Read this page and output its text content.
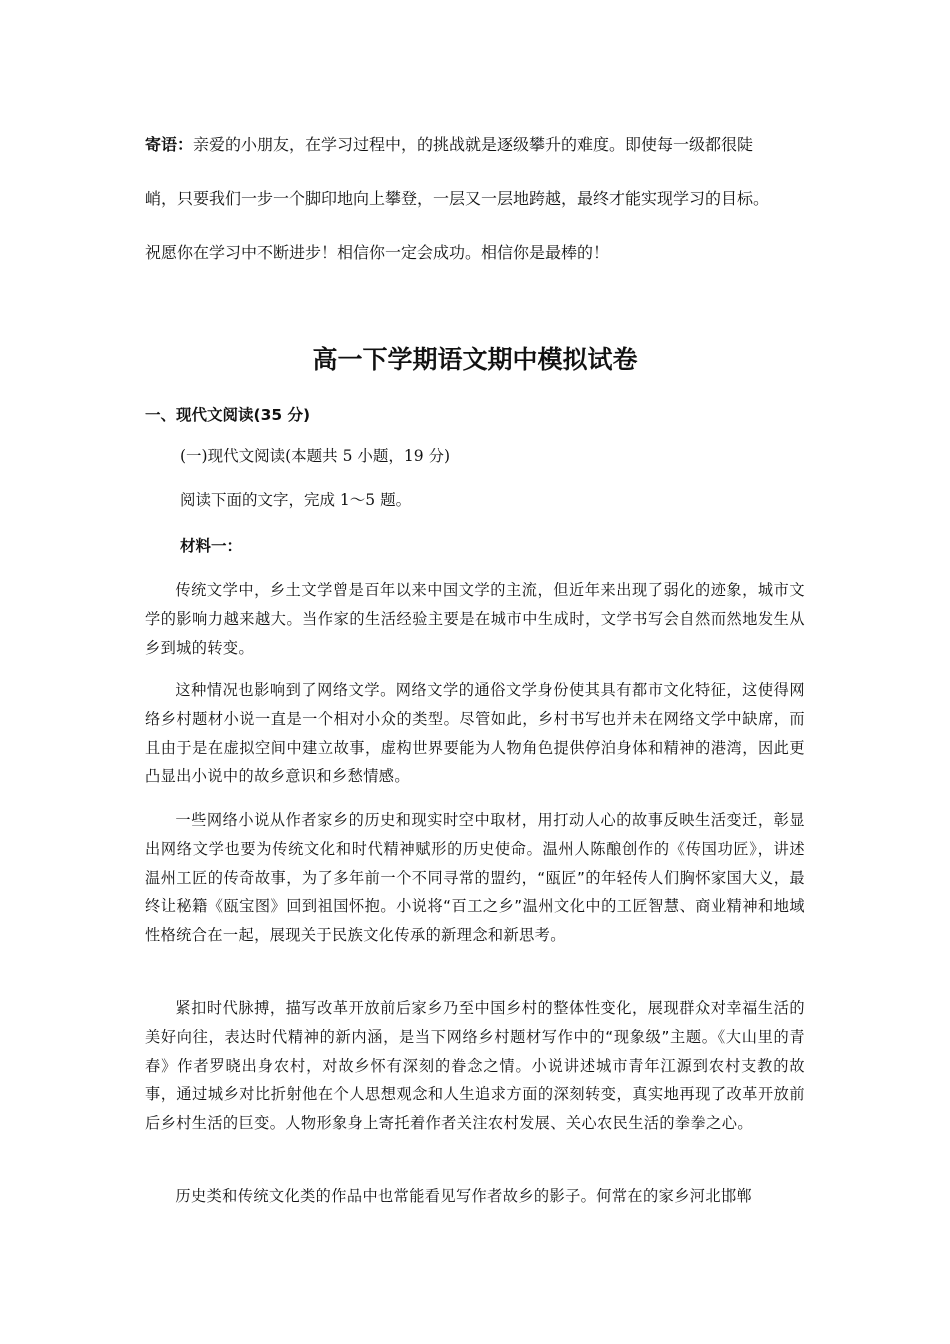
寄语：亲爱的小朋友，在学习过程中，的挑战就是逐级攀升的难度。即使每一级都很陡
峭，只要我们一步一个脚印地向上攀登，一层又一层地跨越，最终才能实现学习的目标。
祝愿你在学习中不断进步！相信你一定会成功。相信你是最棒的！
高一下学期语文期中模拟试卷
一、现代文阅读(35 分)
(一)现代文阅读(本题共 5 小题，19 分)
阅读下面的文字，完成 1～5 题。
材料一：

传统文学中，乡土文学曾是百年以来中国文学的主流，但近年来出现了弱化的迹象，城市文学的影响力越来越大。当作家的生活经验主要是在城市中生成时，文学书写会自然而然地发生从乡到城的转变。

这种情况也影响到了网络文学。网络文学的通俗文学身份使其具有都市文化特征，这使得网络乡村题材小说一直是一个相对小众的类型。尽管如此，乡村书写也并未在网络文学中缺席，而且由于是在虚拟空间中建立故事，虚构世界要能为人物角色提供停泊身体和精神的港湾，因此更凸显出小说中的故乡意识和乡愁情感。

一些网络小说从作者家乡的历史和现实时空中取材，用打动人心的故事反映生活变迁，彰显出网络文学也要为传统文化和时代精神赋形的历史使命。温州人陈酿创作的《传国功匠》，讲述温州工匠的传奇故事，为了多年前一个不同寻常的盟约，“瓯匠”的年轻传人们胸怀家国大义，最终让秘籍《瓯宝图》回到祖国怀抱。小说将“百工之乡”温州文化中的工匠智慧、商业精神和地域性格统合在一起，展现关于民族文化传承的新理念和新思考。

紧扣时代脉搏，描写改革开放前后家乡乃至中国乡村的整体性变化，展现群众对幸福生活的美好向往，表达时代精神的新内涵，是当下网络乡村题材写作中的“现象级”主题。《大山里的青春》作者罗晓出身农村，对故乡怀有深刻的眷念之情。小说讲述城市青年江源到农村支教的故事，通过城乡对比折射他在个人思想观念和人生追求方面的深刻转变，真实地再现了改革开放前后乡村生活的巨变。人物形象身上寄托着作者关注农村发展、关心农民生活的拳拳之心。

历史类和传统文化类的作品中也常能看见写作者故乡的影子。何常在的家乡河北邯郸
